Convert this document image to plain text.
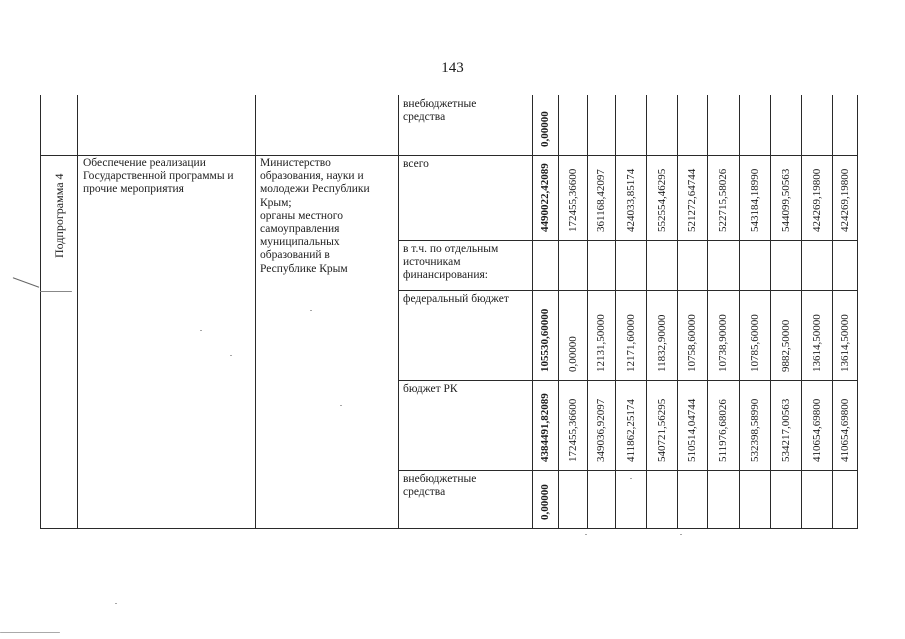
143
Подпрограмма 4
Обеспечение реализации
Государственной программы и
прочие мероприятия
Министерство
образования, науки и
молодежи Республики
Крым;
органы местного
самоуправления
муниципальных
образований в
Республике Крым
внебюджетные
средства	0,00000
всего	4490022,42089 172455,36600 361168,42097 424033,85174 552554,46295 521272,64744 522715,58026 543184,18990 544099,50563 424269,19800 424269,19800
в т.ч. по отдельным
источникам
финансирования:
федеральный бюджет
105530,60000 0,00000 12131,50000 12171,60000 11832,90000 10758,60000 10738,90000 10785,60000 9882,50000 13614,50000 13614,50000
бюджет РК
4384491,82089 172455,36600 349036,92097 411862,25174 540721,56295 510514,04744 511976,68026 532398,58990 534217,00563 410654,69800 410654,69800
внебюджетные
средства	0,00000
